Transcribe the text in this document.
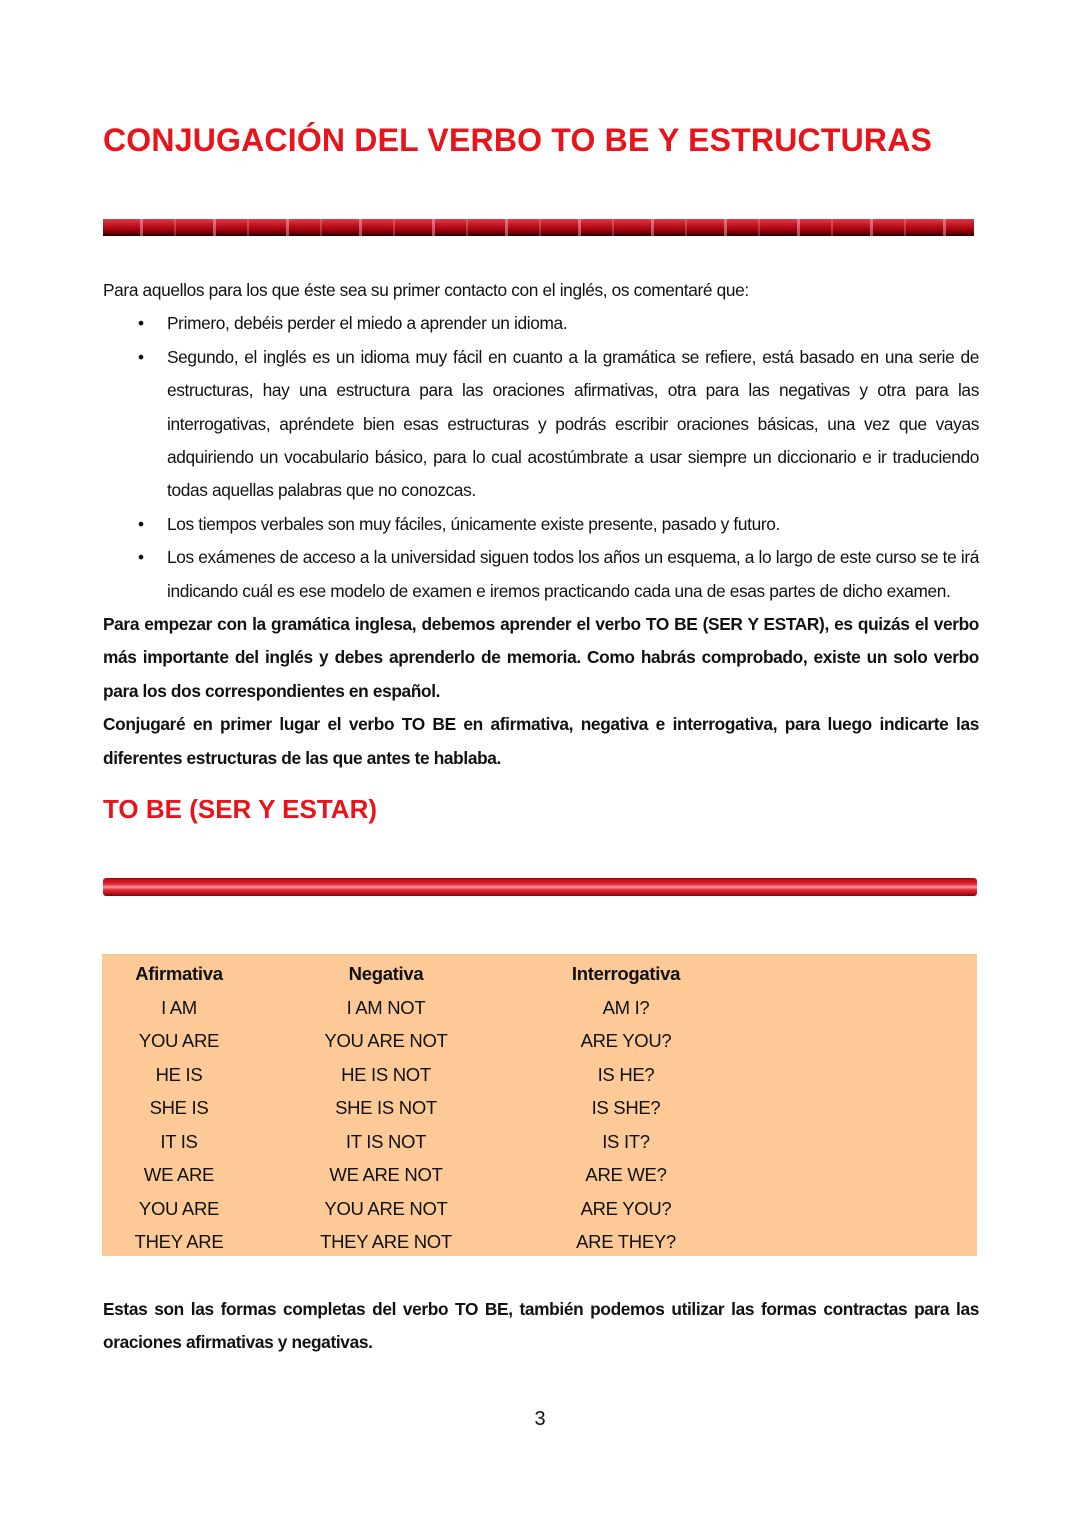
CONJUGACIÓN DEL VERBO TO BE Y ESTRUCTURAS

Para aquellos para los que éste sea su primer contacto con el inglés, os comentaré que:

• Primero, debéis perder el miedo a aprender un idioma.
• Segundo, el inglés es un idioma muy fácil en cuanto a la gramática se refiere, está basado en una serie de estructuras, hay una estructura para las oraciones afirmativas, otra para las negativas y otra para las interrogativas, apréndete bien esas estructuras y podrás escribir oraciones básicas, una vez que vayas adquiriendo un vocabulario básico, para lo cual acostúmbrate a usar siempre un diccionario e ir traduciendo todas aquellas palabras que no conozcas.
• Los tiempos verbales son muy fáciles, únicamente existe presente, pasado y futuro.
• Los exámenes de acceso a la universidad siguen todos los años un esquema, a lo largo de este curso se te irá indicando cuál es ese modelo de examen e iremos practicando cada una de esas partes de dicho examen.

Para empezar con la gramática inglesa, debemos aprender el verbo TO BE (SER Y ESTAR), es quizás el verbo más importante del inglés y debes aprenderlo de memoria. Como habrás comprobado, existe un solo verbo para los dos correspondientes en español.

Conjugaré en primer lugar el verbo TO BE en afirmativa, negativa e interrogativa, para luego indicarte las diferentes estructuras de las que antes te hablaba.

TO BE (SER Y ESTAR)
Afirmativa
I AM
YOU ARE
HE IS
SHE IS
IT IS
WE ARE
YOU ARE
THEY ARE
Negativa
I AM NOT
YOU ARE NOT
HE IS NOT
SHE IS NOT
IT IS NOT
WE ARE NOT
YOU ARE NOT
THEY ARE NOT
Interrogativa
AM I?
ARE YOU?
IS HE?
IS SHE?
IS IT?
ARE WE?
ARE YOU?
ARE THEY?
Estas son las formas completas del verbo TO BE, también podemos utilizar las formas contractas para las oraciones afirmativas y negativas.
3
